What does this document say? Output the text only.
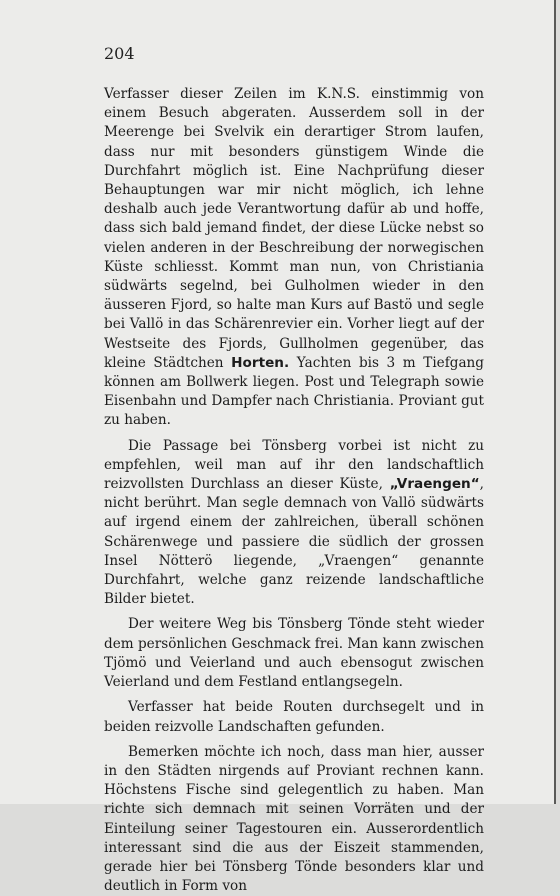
204

Verfasser dieser Zeilen im K.N.S. einstimmig von einem Besuch abgeraten. Ausserdem soll in der Meerenge bei Svelvik ein derartiger Strom laufen, dass nur mit besonders günstigem Winde die Durchfahrt möglich ist. Eine Nachprüfung dieser Behauptungen war mir nicht möglich, ich lehne deshalb auch jede Verantwortung dafür ab und hoffe, dass sich bald jemand findet, der diese Lücke nebst so vielen anderen in der Beschreibung der norwegischen Küste schliesst. Kommt man nun, von Christiania südwärts segelnd, bei Gulholmen wieder in den äusseren Fjord, so halte man Kurs auf Bastö und segle bei Vallö in das Schärenrevier ein. Vorher liegt auf der Westseite des Fjords, Gullholmen gegenüber, das kleine Städtchen Horten. Yachten bis 3 m Tiefgang können am Bollwerk liegen. Post und Telegraph sowie Eisenbahn und Dampfer nach Christiania. Proviant gut zu haben.

Die Passage bei Tönsberg vorbei ist nicht zu empfehlen, weil man auf ihr den landschaftlich reizvollsten Durchlass an dieser Küste, „Vraengen“, nicht berührt. Man segle demnach von Vallö südwärts auf irgend einem der zahlreichen, überall schönen Schärenwege und passiere die südlich der grossen Insel Nötterö liegende, „Vraengen“ genannte Durchfahrt, welche ganz reizende landschaftliche Bilder bietet.

Der weitere Weg bis Tönsberg Tönde steht wieder dem persönlichen Geschmack frei. Man kann zwischen Tjömö und Veierland und auch ebensogut zwischen Veierland und dem Festland entlangsegeln.

Verfasser hat beide Routen durchsegelt und in beiden reizvolle Landschaften gefunden.

Bemerken möchte ich noch, dass man hier, ausser in den Städten nirgends auf Proviant rechnen kann. Höchstens Fische sind gelegentlich zu haben. Man richte sich demnach mit seinen Vorräten und der Einteilung seiner Tagestouren ein. Ausserordentlich interessant sind die aus der Eiszeit stammenden, gerade hier bei Tönsberg Tönde besonders klar und deutlich in Form von
